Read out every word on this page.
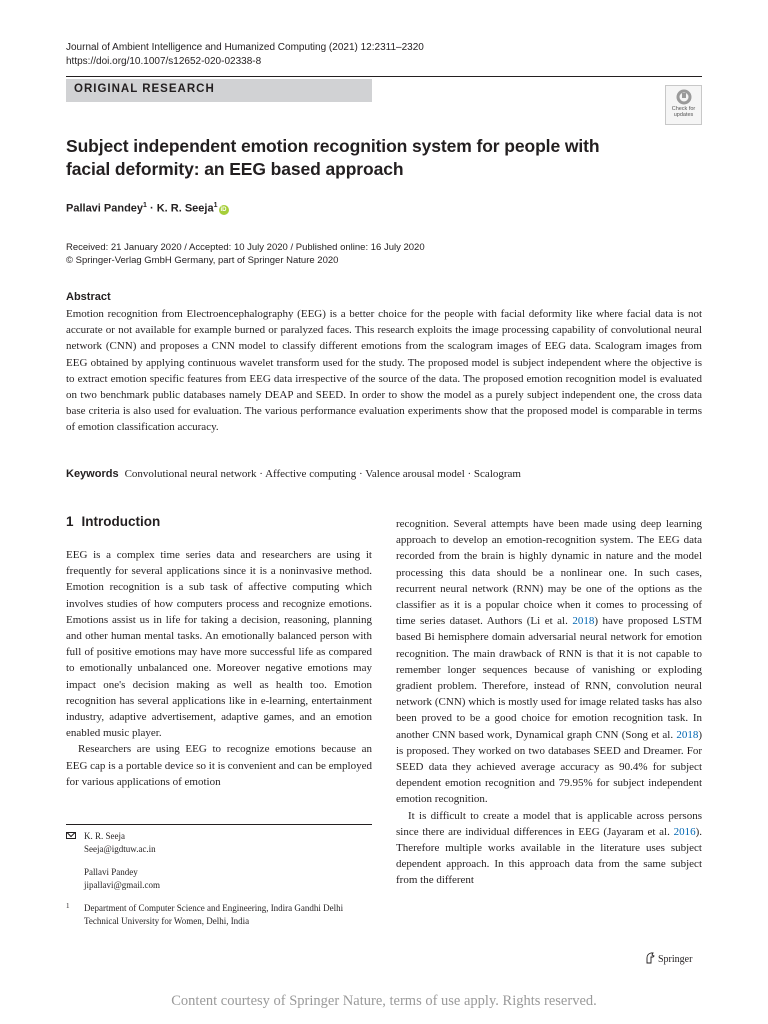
Journal of Ambient Intelligence and Humanized Computing (2021) 12:2311–2320
https://doi.org/10.1007/s12652-020-02338-8
ORIGINAL RESEARCH
Check for updates
Subject independent emotion recognition system for people with facial deformity: an EEG based approach
Pallavi Pandey$^1$ · K. R. Seeja$^1$iD
Received: 21 January 2020 / Accepted: 10 July 2020 / Published online: 16 July 2020
© Springer-Verlag GmbH Germany, part of Springer Nature 2020
Abstract
Emotion recognition from Electroencephalography (EEG) is a better choice for the people with facial deformity like where facial data is not accurate or not available for example burned or paralyzed faces. This research exploits the image processing capability of convolutional neural network (CNN) and proposes a CNN model to classify different emotions from the scalogram images of EEG data. Scalogram images from EEG obtained by applying continuous wavelet transform used for the study. The proposed model is subject independent where the objective is to extract emotion specific features from EEG data irrespective of the source of the data. The proposed emotion recognition model is evaluated on two benchmark public databases namely DEAP and SEED. In order to show the model as a purely subject independent one, the cross data base criteria is also used for evaluation. The various performance evaluation experiments show that the proposed model is comparable in terms of emotion classification accuracy.
Keywords Convolutional neural network · Affective computing · Valence arousal model · Scalogram
1 Introduction

EEG is a complex time series data and researchers are using it frequently for several applications since it is a noninvasive method. Emotion recognition is a sub task of affective computing which involves studies of how computers process and recognize emotions. Emotions assist us in life for taking a decision, reasoning, planning and other human mental tasks. An emotionally balanced person with full of positive emotions may have more successful life as compared to emotionally unbalanced one. Moreover negative emotions may impact one's decision making as well as health too. Emotion recognition has several applications like in e-learning, entertainment industry, adaptive advertisement, adaptive games, and an emotion enabled music player.

Researchers are using EEG to recognize emotions because an EEG cap is a portable device so it is convenient and can be employed for various applications of emotion

recognition. Several attempts have been made using deep learning approach to develop an emotion-recognition system. The EEG data recorded from the brain is highly dynamic in nature and the model processing this data should be a nonlinear one. In such cases, recurrent neural network (RNN) may be one of the options as the classifier as it is a popular choice when it comes to processing of time series dataset. Authors (Li et al. 2018) have proposed LSTM based Bi hemisphere domain adversarial neural network for emotion recognition. The main drawback of RNN is that it is not capable to remember longer sequences because of vanishing or exploding gradient problem. Therefore, instead of RNN, convolution neural network (CNN) which is mostly used for image related tasks has also been proved to be a good choice for emotion recognition task. In another CNN based work, Dynamical graph CNN (Song et al. 2018) is proposed. They worked on two databases SEED and Dreamer. For SEED data they achieved average accuracy as 90.4% for subject dependent emotion recognition and 79.95% for subject independent emotion recognition.

It is difficult to create a model that is applicable across persons since there are individual differences in EEG (Jayaram et al. 2016). Therefore multiple works available in the literature uses subject dependent approach. In this approach data from the same subject from the different

K. R. Seeja
Seeja@igdtuw.ac.in
Pallavi Pandey
jipallavi@gmail.com
1 Department of Computer Science and Engineering, Indira Gandhi Delhi Technical University for Women, Delhi, India
Springer
Content courtesy of Springer Nature, terms of use apply. Rights reserved.
